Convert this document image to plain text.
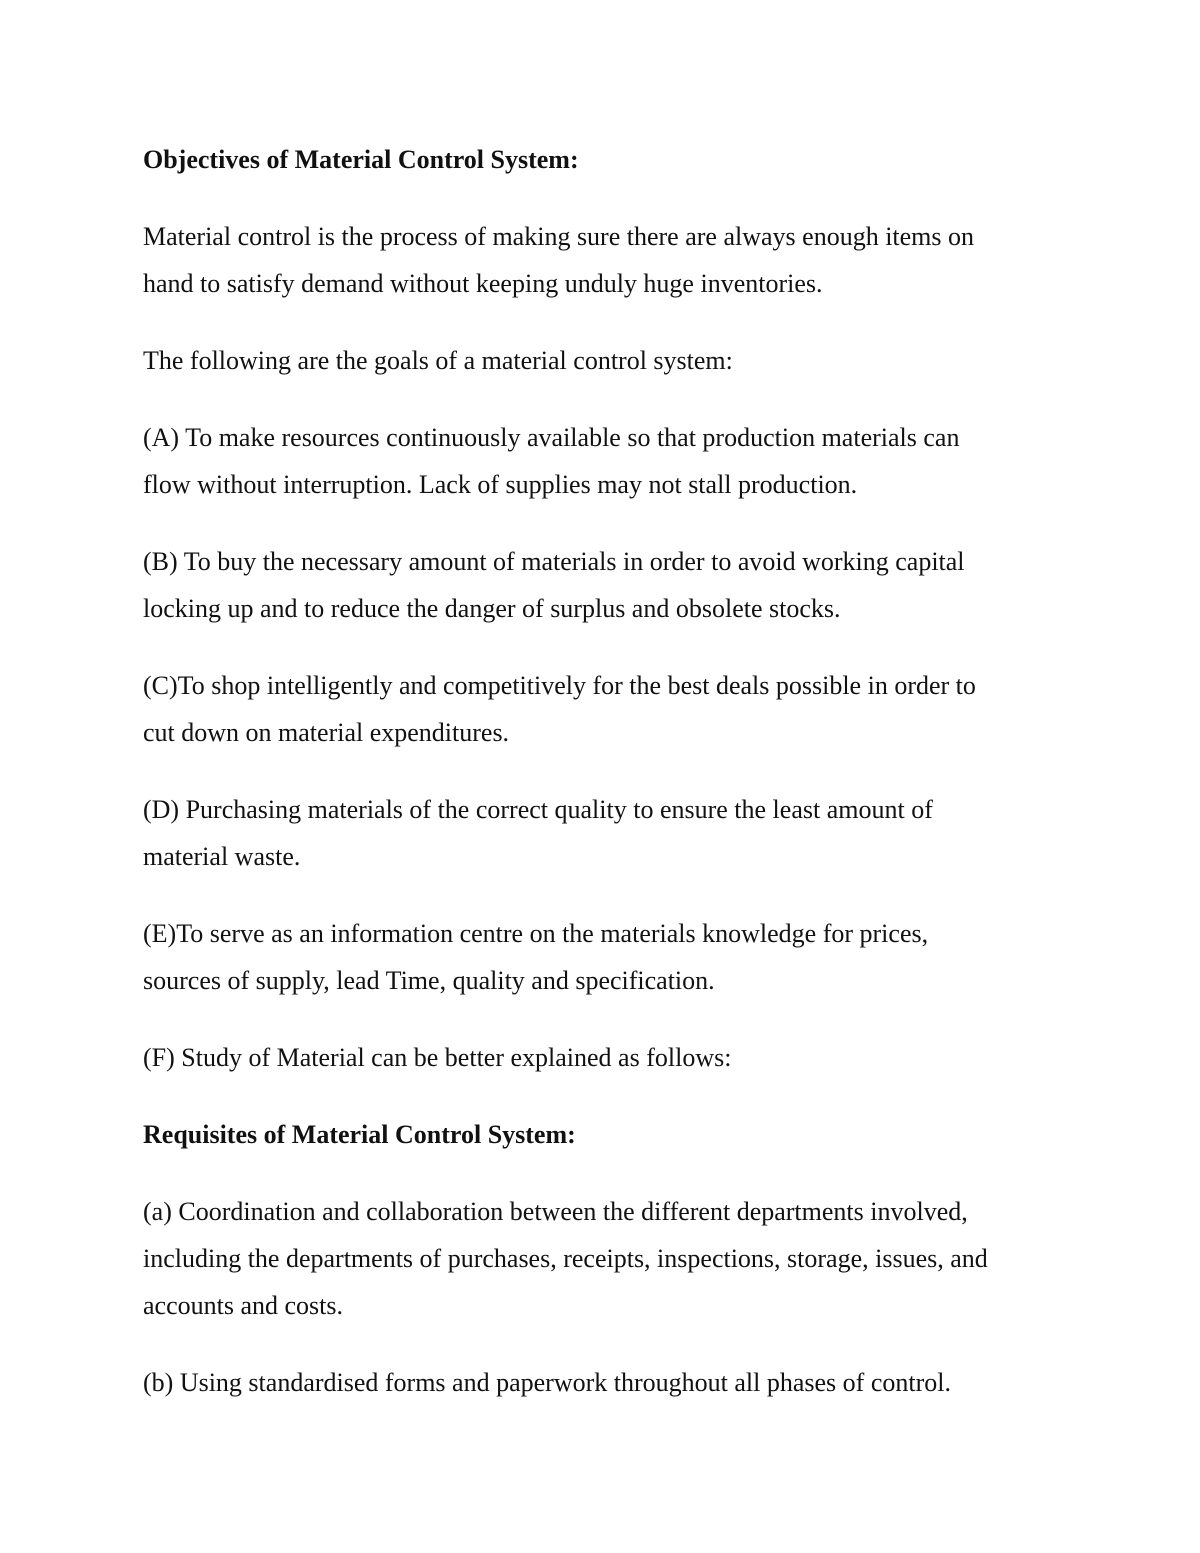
Objectives of Material Control System:
Material control is the process of making sure there are always enough items on
hand to satisfy demand without keeping unduly huge inventories.
The following are the goals of a material control system:
(A) To make resources continuously available so that production materials can
flow without interruption. Lack of supplies may not stall production.
(B) To buy the necessary amount of materials in order to avoid working capital
locking up and to reduce the danger of surplus and obsolete stocks.
(C)To shop intelligently and competitively for the best deals possible in order to
cut down on material expenditures.
(D) Purchasing materials of the correct quality to ensure the least amount of
material waste.
(E)To serve as an information centre on the materials knowledge for prices,
sources of supply, lead Time, quality and specification.
(F) Study of Material can be better explained as follows:
Requisites of Material Control System:
(a) Coordination and collaboration between the different departments involved,
including the departments of purchases, receipts, inspections, storage, issues, and
accounts and costs.
(b) Using standardised forms and paperwork throughout all phases of control.
